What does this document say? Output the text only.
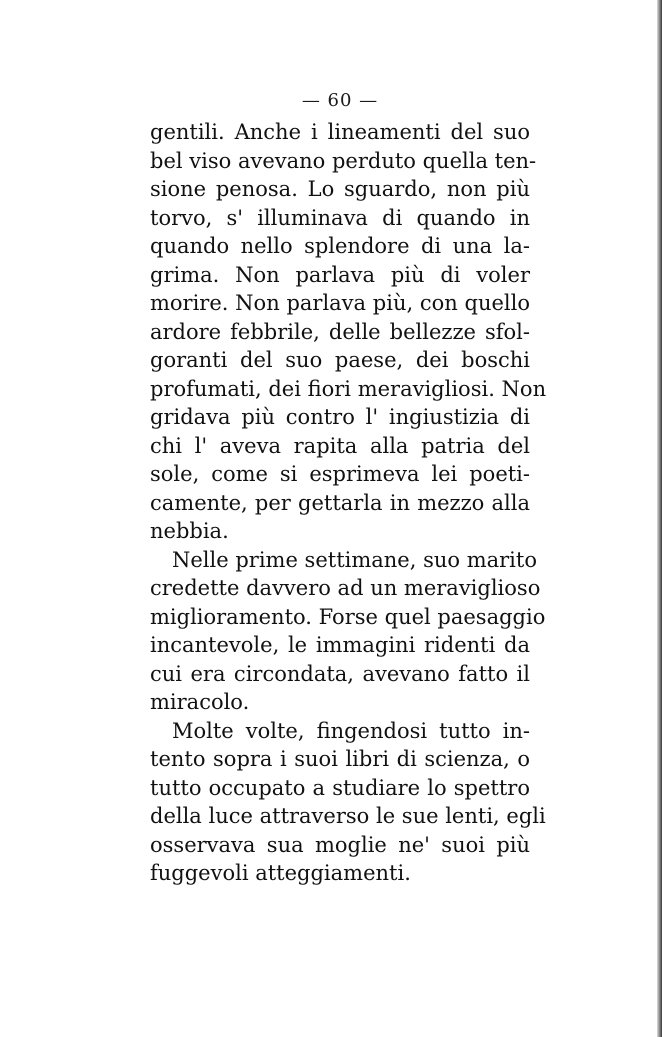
— 60 —
gentili. Anche i lineamenti del suo
bel viso avevano perduto quella ten-
sione penosa. Lo sguardo, non più
torvo, s' illuminava di quando in
quando nello splendore di una la-
grima. Non parlava più di voler
morire. Non parlava più, con quello
ardore febbrile, delle bellezze sfol-
goranti del suo paese, dei boschi
profumati, dei fiori meravigliosi. Non
gridava più contro l' ingiustizia di
chi l' aveva rapita alla patria del
sole, come si esprimeva lei poeti-
camente, per gettarla in mezzo alla
nebbia.
Nelle prime settimane, suo marito
credette davvero ad un meraviglioso
miglioramento. Forse quel paesaggio
incantevole, le immagini ridenti da
cui era circondata, avevano fatto il
miracolo.
Molte volte, fingendosi tutto in-
tento sopra i suoi libri di scienza, o
tutto occupato a studiare lo spettro
della luce attraverso le sue lenti, egli
osservava sua moglie ne' suoi più
fuggevoli atteggiamenti.
